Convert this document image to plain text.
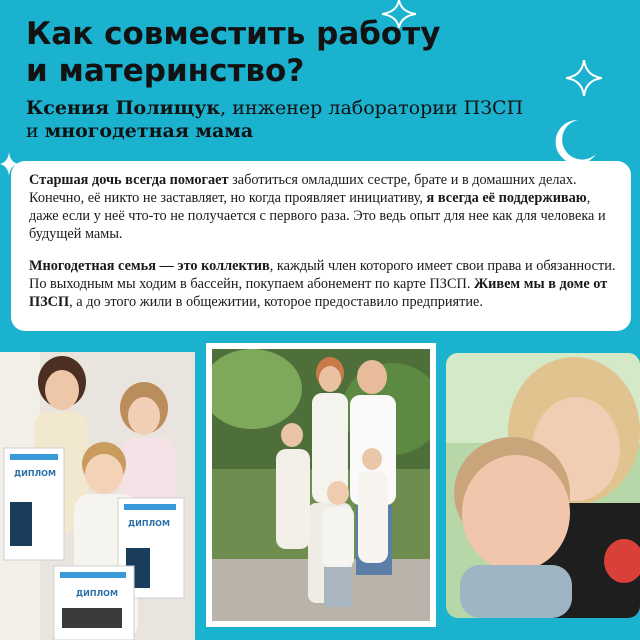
Как совместить работу
и материнство?
Ксения Полищук, инженер лаборатории ПЗСП
и многодетная мама

Старшая дочь всегда помогает заботиться омладших сестре, брате и в домашних делах. Конечно, её никто не заставляет, но когда проявляет инициативу, я всегда её поддерживаю, даже если у неё что-то не получается с первого раза. Это ведь опыт для нее как для человека и будущей мамы.

Многодетная семья — это коллектив, каждый член которого имеет свои права и обязанности. По выходным мы ходим в бассейн, покупаем абонемент по карте ПЗСП. Живем мы в доме от ПЗСП, а до этого жили в общежитии, которое предоставило предприятие.

ДИПЛОМ
ДИПЛОМ
ДИПЛОМ
